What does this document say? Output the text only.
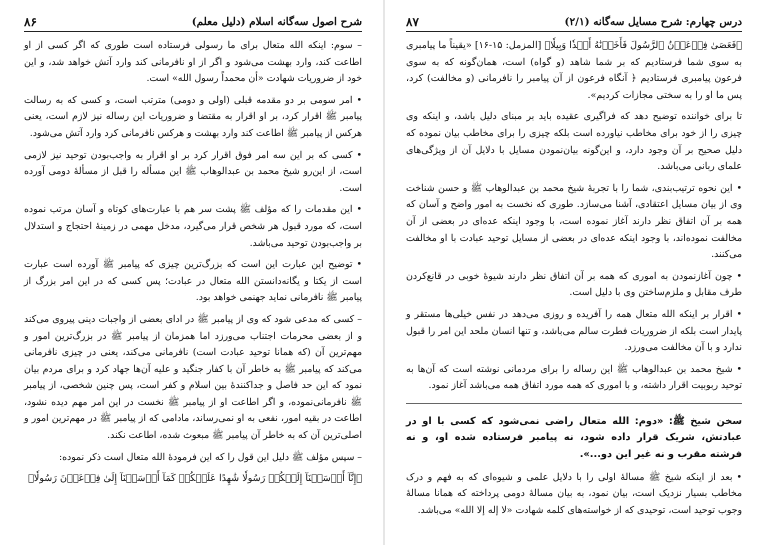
شرح اصول سه‌گانه اسلام (دلیل معلم)
۸۶

– سوم: اینکه الله متعال برای ما رسولی فرستاده است طوری که اگر کسی از او اطاعت کند، وارد بهشت می‌شود و اگر از او نافرمانی کند وارد آتش خواهد شد، و این خود از ضروریات شهادت «أن محمداً رسول الله» است.

• امر سومی بر دو مقدمه قبلی (اولی و دومی) مترتب است، و کسی که به رسالت پیامبر ﷺ اقرار کرد، بر او اقرار به مقتضا و ضروریات این رساله نیز لازم است، یعنی هرکس از پیامبر ﷺ اطاعت کند وارد بهشت و هرکس نافرمانی کرد وارد آتش می‌شود.

• کسی که بر این سه امر فوق اقرار کرد بر او اقرار به واجب‌بودن توحید نیز لازمی است، از این‌رو شیخ محمد بن عبدالوهاب ﷺ این مسأله را قبل از مسألهٔ دومی آورده است.

• این مقدمات را که مؤلف ﷺ پشت سر هم با عبارت‌های کوتاه و آسان مرتب نموده است، که مورد قبول هر شخص قرار می‌گیرد، مدخل مهمی در زمینهٔ احتجاج و استدلال بر واجب‌بودن توحید می‌باشد.

• توضیح این عبارت این است که بزرگ‌ترین چیزی که پیامبر ﷺ آورده است عبارت است از یکتا و یگانه‌دانستن الله متعال در عبادت؛ پس کسی که در این امر بزرگ از پیامبر ﷺ نافرمانی نماید جهنمی خواهد بود.

– کسی که مدعی شود که وی از پیامبر ﷺ در ادای بعضی از واجبات دینی پیروی می‌کند و از بعضی محرمات اجتناب می‌ورزد اما همزمان از پیامبر ﷺ در بزرگ‌ترین امور و مهم‌ترین آن (که همانا توحید عبادت است) نافرمانی می‌کند، یعنی در چیزی نافرمانی می‌کند که پیامبر ﷺ به خاطر آن با کفار جنگید و علیه آن‌ها جهاد کرد و برای مردم بیان نمود که این حد فاصل و جداکنندهٔ بین اسلام و کفر است، پس چنین شخصی، از پیامبر ﷺ نافرمانی‌نموده، و اگر اطاعت او از پیامبر ﷺ نخست در این امر مهم دیده نشود، اطاعت در بقیه امور، نفعی به او نمی‌رساند، مادامی که از پیامبر ﷺ در مهم‌ترین امور و اصلی‌ترین آن که به خاطر آن پیامبر ﷺ مبعوث شده، اطاعت نکند.

– سپس مؤلف ﷺ دلیل این قول را که این فرمودهٔ الله متعال است ذکر نموده:

﴿إِنَّآ أَرۡسَلۡنَآ إِلَيۡكُمۡ رَسُولٗا شَٰهِدًا عَلَيۡكُمۡ كَمَآ أَرۡسَلۡنَآ إِلَىٰ فِرۡعَوۡنَ رَسُولٗا﴾

درس چهارم: شرح مسایل سه‌گانه (۲/۱)
۸۷

﴿فَعَصَىٰ فِرۡعَوۡنُ ٱلرَّسُولَ فَأَخَذۡنَٰهُ أَخۡذٗا وَبِيلٗا﴾ [المزمل: ۱۵-۱۶] «یقیناً ما پیامبری به سوی شما فرستادیم که بر شما شاهد (و گواه) است، همان‌گونه که به سوی فرعون پیامبری فرستادیم ﴿ آنگاه فرعون از آن پیامبر را نافرمانی (و مخالفت) کرد، پس ما او را به سختی مجازات کردیم».

تا برای خواننده توضیح دهد که فراگیری عقیده باید بر مبنای دلیل باشد، و اینکه وی چیزی را از خود برای مخاطب نیاورده است بلکه چیزی را برای مخاطب بیان نموده که دلیل صحیح بر آن وجود دارد، و این‌گونه بیان‌نمودن مسایل با دلایل آن از ویژگی‌های علمای ربانی می‌باشد.

• این نحوه ترتیب‌بندی، شما را با تجربهٔ شیخ محمد بن عبدالوهاب ﷺ و حسن شناخت وی از بیان مسایل اعتقادی، آشنا می‌سازد. طوری که نخست به امور واضح و آسان که همه بر آن اتفاق نظر دارند آغاز نموده است، با وجود اینکه عده‌ای در بعضی از آن مخالفت نموده‌اند، با وجود اینکه عده‌ای در بعضی از مسایل توحید عبادت با او مخالفت می‌کنند.

• چون آغازنمودن به اموری که همه بر آن اتفاق نظر دارند شیوهٔ خوبی در قانع‌کردن طرف مقابل و ملزم‌ساختن وی با دلیل است.

• اقرار بر اینکه الله متعال همه را آفریده و روزی می‌دهد در نفس خیلی‌ها مستقر و پایدار است بلکه از ضروریات فطرت سالم می‌باشد، و تنها انسان ملحد این امر را قبول ندارد و با آن مخالفت می‌ورزد.

• شیخ محمد بن عبدالوهاب ﷺ این رساله را برای مردمانی نوشته است که آن‌ها به توحید ربوبیت اقرار داشته، و با اموری که همه مورد اتفاق همه می‌باشد آغاز نمود.

سخن شیخ ﷺ: «دوم: الله متعال راضی نمی‌شود که کسی با او در عبادتش، شریک قرار داده شود، نه پیامبر فرستاده شده او، و نه فرشته مقرب و نه غیر این دو...».

• بعد از اینکه شیخ ﷺ مسالهٔ اولی را با دلایل علمی و شیوه‌ای که به فهم و درک مخاطب بسیار نزدیک است، بیان نمود، به بیان مسالهٔ دومی پرداخته که همانا مسالهٔ وجوب توحید است، توحیدی که از خواسته‌های کلمه شهادت «لا إله إلا الله» می‌باشد.
